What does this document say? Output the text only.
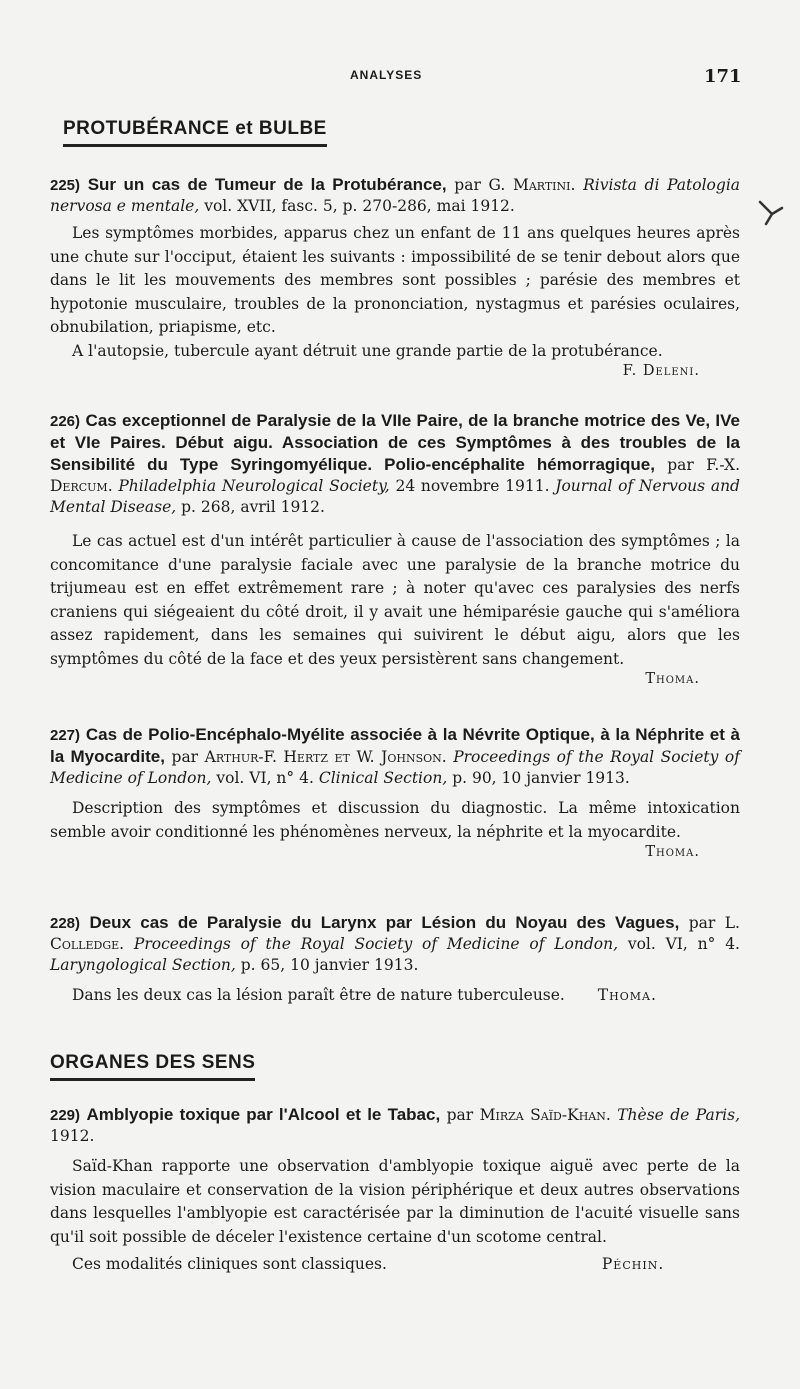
ANALYSES	171
PROTUBÉRANCE et BULBE

225) Sur un cas de Tumeur de la Protubérance, par G. Martini. Rivista di Patologia nervosa e mentale, vol. XVII, fasc. 5, p. 270-286, mai 1912.

Les symptômes morbides, apparus chez un enfant de 11 ans quelques heures après une chute sur l'occiput, étaient les suivants : impossibilité de se tenir debout alors que dans le lit les mouvements des membres sont possibles ; parésie des membres et hypotonie musculaire, troubles de la prononciation, nystagmus et parésies oculaires, obnubilation, priapisme, etc.

A l'autopsie, tubercule ayant détruit une grande partie de la protubérance.

F. Deleni.

226) Cas exceptionnel de Paralysie de la VIIe Paire, de la branche motrice des Ve, IVe et VIe Paires. Début aigu. Association de ces Symptômes à des troubles de la Sensibilité du Type Syringomyélique. Polio-encéphalite hémorragique, par F.-X. Dercum. Philadelphia Neurological Society, 24 novembre 1911. Journal of Nervous and Mental Disease, p. 268, avril 1912.

Le cas actuel est d'un intérêt particulier à cause de l'association des symptômes ; la concomitance d'une paralysie faciale avec une paralysie de la branche motrice du trijumeau est en effet extrêmement rare ; à noter qu'avec ces paralysies des nerfs craniens qui siégeaient du côté droit, il y avait une hémiparésie gauche qui s'améliora assez rapidement, dans les semaines qui suivirent le début aigu, alors que les symptômes du côté de la face et des yeux persistèrent sans changement.

Thoma.

227) Cas de Polio-Encéphalo-Myélite associée à la Névrite Optique, à la Néphrite et à la Myocardite, par Arthur-F. Hertz et W. Johnson. Proceedings of the Royal Society of Medicine of London, vol. VI, n° 4. Clinical Section, p. 90, 10 janvier 1913.

Description des symptômes et discussion du diagnostic. La même intoxication semble avoir conditionné les phénomènes nerveux, la néphrite et la myocardite.

Thoma.

228) Deux cas de Paralysie du Larynx par Lésion du Noyau des Vagues, par L. Colledge. Proceedings of the Royal Society of Medicine of London, vol. VI, n° 4. Laryngological Section, p. 65, 10 janvier 1913.

Dans les deux cas la lésion paraît être de nature tuberculeuse. Thoma.

ORGANES DES SENS

229) Amblyopie toxique par l'Alcool et le Tabac, par Mirza Saïd-Khan. Thèse de Paris, 1912.

Saïd-Khan rapporte une observation d'amblyopie toxique aiguë avec perte de la vision maculaire et conservation de la vision périphérique et deux autres observations dans lesquelles l'amblyopie est caractérisée par la diminution de l'acuité visuelle sans qu'il soit possible de déceler l'existence certaine d'un scotome central.

Ces modalités cliniques sont classiques.	Péchin.
